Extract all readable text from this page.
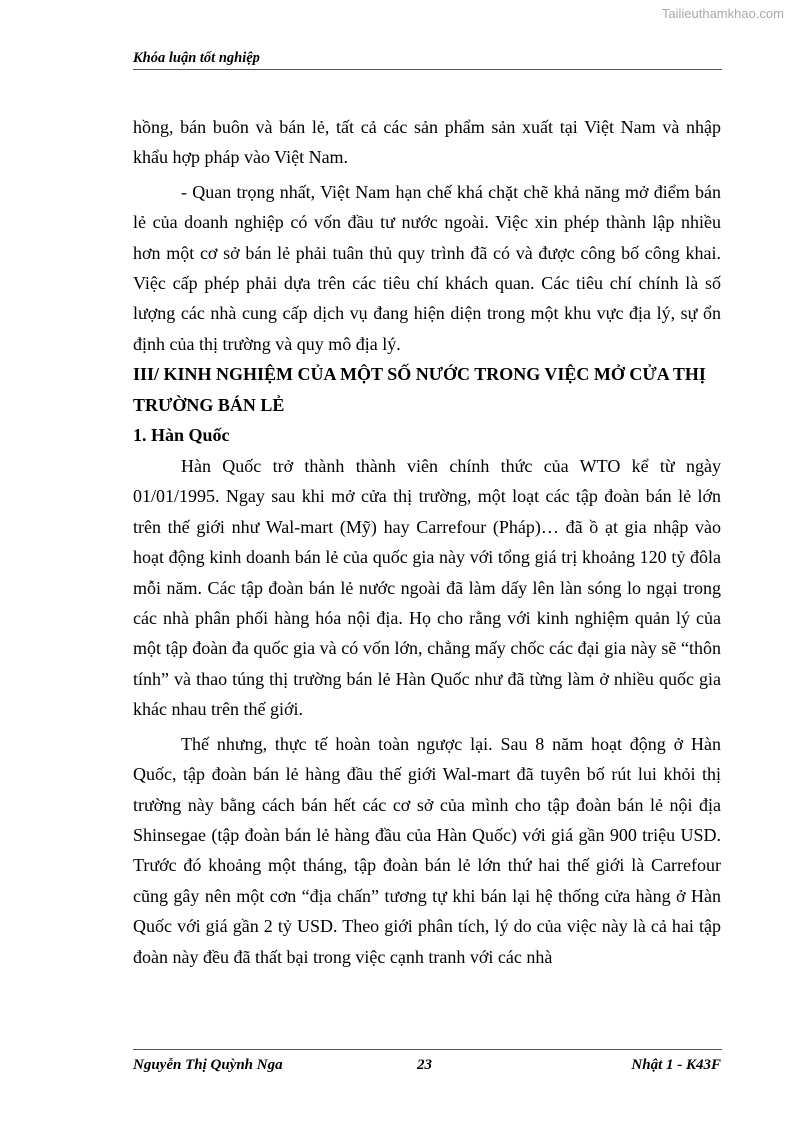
Tailieuthamkhao.com
Khóa luận tốt nghiệp

hồng, bán buôn và bán lẻ, tất cả các sản phẩm sản xuất tại Việt Nam và nhập khẩu hợp pháp vào Việt Nam.

- Quan trọng nhất, Việt Nam hạn chế khá chặt chẽ khả năng mở điểm bán lẻ của doanh nghiệp có vốn đầu tư nước ngoài. Việc xin phép thành lập nhiều hơn một cơ sở bán lẻ phải tuân thủ quy trình đã có và được công bố công khai. Việc cấp phép phải dựa trên các tiêu chí khách quan. Các tiêu chí chính là số lượng các nhà cung cấp dịch vụ đang hiện diện trong một khu vực địa lý, sự ổn định của thị trường và quy mô địa lý.

III/ KINH NGHIỆM CỦA MỘT SỐ NƯỚC TRONG VIỆC MỞ CỬA THỊ TRƯỜNG BÁN LẺ
1. Hàn Quốc

Hàn Quốc trở thành thành viên chính thức của WTO kể từ ngày 01/01/1995. Ngay sau khi mở cửa thị trường, một loạt các tập đoàn bán lẻ lớn trên thế giới như Wal-mart (Mỹ) hay Carrefour (Pháp)… đã ồ ạt gia nhập vào hoạt động kinh doanh bán lẻ của quốc gia này với tổng giá trị khoảng 120 tỷ đôla mỗi năm. Các tập đoàn bán lẻ nước ngoài đã làm dấy lên làn sóng lo ngại trong các nhà phân phối hàng hóa nội địa. Họ cho rằng với kinh nghiệm quản lý của một tập đoàn đa quốc gia và có vốn lớn, chẳng mấy chốc các đại gia này sẽ “thôn tính” và thao túng thị trường bán lẻ Hàn Quốc như đã từng làm ở nhiều quốc gia khác nhau trên thế giới.

Thế nhưng, thực tế hoàn toàn ngược lại. Sau 8 năm hoạt động ở Hàn Quốc, tập đoàn bán lẻ hàng đầu thế giới Wal-mart đã tuyên bố rút lui khỏi thị trường này bằng cách bán hết các cơ sở của mình cho tập đoàn bán lẻ nội địa Shinsegae (tập đoàn bán lẻ hàng đầu của Hàn Quốc) với giá gần 900 triệu USD. Trước đó khoảng một tháng, tập đoàn bán lẻ lớn thứ hai thế giới là Carrefour cũng gây nên một cơn “địa chấn” tương tự khi bán lại hệ thống cửa hàng ở Hàn Quốc với giá gần 2 tỷ USD. Theo giới phân tích, lý do của việc này là cả hai tập đoàn này đều đã thất bại trong việc cạnh tranh với các nhà

Nguyễn Thị Quỳnh Nga	23	Nhật 1 - K43F
